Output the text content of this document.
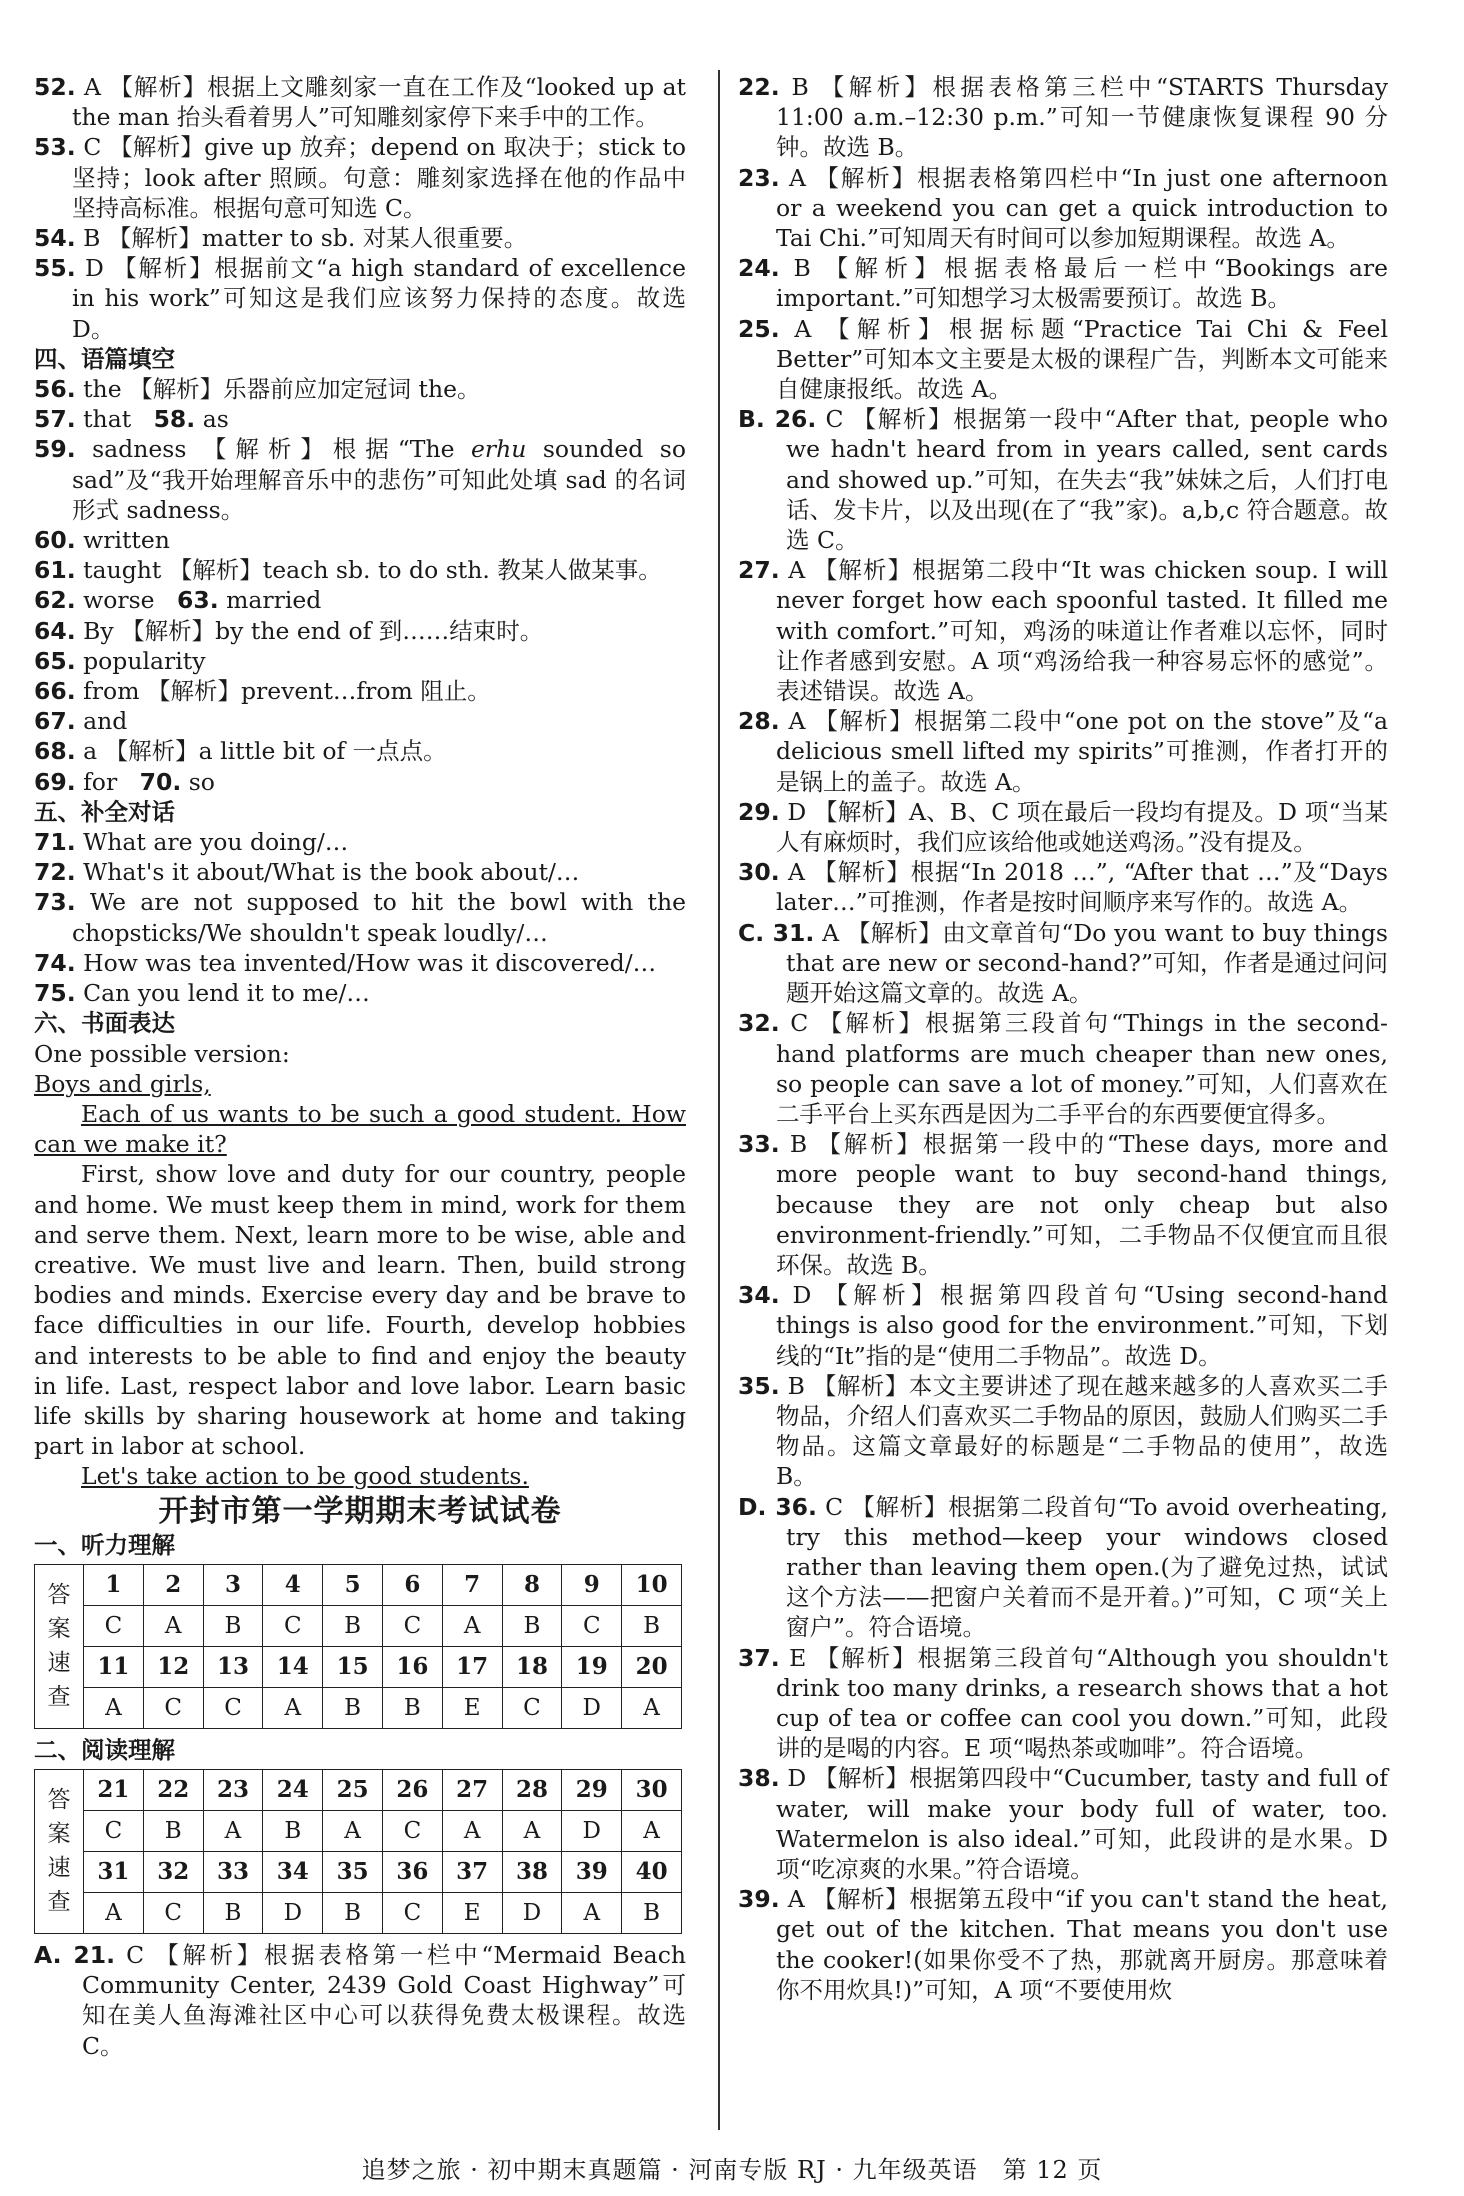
52. A 【解析】根据上文雕刻家一直在工作及“looked up at the man 抬头看着男人”可知雕刻家停下来手中的工作。

53. C 【解析】give up 放弃；depend on 取决于；stick to 坚持；look after 照顾。句意：雕刻家选择在他的作品中坚持高标准。根据句意可知选 C。

54. B 【解析】matter to sb. 对某人很重要。

55. D 【解析】根据前文“a high standard of excellence in his work”可知这是我们应该努力保持的态度。故选 D。

四、语篇填空

56. the 【解析】乐器前应加定冠词 the。

57. that   58. as

59. sadness 【解析】根据“The erhu sounded so sad”及“我开始理解音乐中的悲伤”可知此处填 sad 的名词形式 sadness。

60. written

61. taught 【解析】teach sb. to do sth. 教某人做某事。

62. worse   63. married

64. By 【解析】by the end of 到……结束时。

65. popularity

66. from 【解析】prevent…from 阻止。

67. and

68. a 【解析】a little bit of 一点点。

69. for   70. so

五、补全对话

71. What are you doing/…

72. What's it about/What is the book about/…

73. We are not supposed to hit the bowl with the chopsticks/We shouldn't speak loudly/…

74. How was tea invented/How was it discovered/…

75. Can you lend it to me/…

六、书面表达

One possible version:

Boys and girls,

Each of us wants to be such a good student. How can we make it?

First, show love and duty for our country, people and home. We must keep them in mind, work for them and serve them. Next, learn more to be wise, able and creative. We must live and learn. Then, build strong bodies and minds. Exercise every day and be brave to face difficulties in our life. Fourth, develop hobbies and interests to be able to find and enjoy the beauty in life. Last, respect labor and love labor. Learn basic life skills by sharing housework at home and taking part in labor at school.

Let's take action to be good students.

开封市第一学期期末考试试卷

一、听力理解

答
案
速
查	1	2	3	4	5	6	7	8	9	10
	C	A	B	C	B	C	A	B	C	B
	11	12	13	14	15	16	17	18	19	20
	A	C	C	A	B	B	E	C	D	A

二、阅读理解

答
案
速
查	21	22	23	24	25	26	27	28	29	30
	C	B	A	B	A	C	A	A	D	A
	31	32	33	34	35	36	37	38	39	40
	A	C	B	D	B	C	E	D	A	B

A. 21. C 【解析】根据表格第一栏中“Mermaid Beach Community Center, 2439 Gold Coast Highway”可知在美人鱼海滩社区中心可以获得免费太极课程。故选 C。

22. B 【解析】根据表格第三栏中“STARTS Thursday 11:00 a.m.–12:30 p.m.”可知一节健康恢复课程 90 分钟。故选 B。

23. A 【解析】根据表格第四栏中“In just one afternoon or a weekend you can get a quick introduction to Tai Chi.”可知周天有时间可以参加短期课程。故选 A。

24. B 【解析】根据表格最后一栏中“Bookings are important.”可知想学习太极需要预订。故选 B。

25. A 【解析】根据标题“Practice Tai Chi & Feel Better”可知本文主要是太极的课程广告，判断本文可能来自健康报纸。故选 A。

B. 26. C 【解析】根据第一段中“After that, people who we hadn't heard from in years called, sent cards and showed up.”可知，在失去“我”妹妹之后，人们打电话、发卡片，以及出现(在了“我”家)。a,b,c 符合题意。故选 C。

27. A 【解析】根据第二段中“It was chicken soup. I will never forget how each spoonful tasted. It filled me with comfort.”可知，鸡汤的味道让作者难以忘怀，同时让作者感到安慰。A 项“鸡汤给我一种容易忘怀的感觉”。表述错误。故选 A。

28. A 【解析】根据第二段中“one pot on the stove”及“a delicious smell lifted my spirits”可推测，作者打开的是锅上的盖子。故选 A。

29. D 【解析】A、B、C 项在最后一段均有提及。D 项“当某人有麻烦时，我们应该给他或她送鸡汤。”没有提及。

30. A 【解析】根据“In 2018 …”, “After that …”及“Days later…”可推测，作者是按时间顺序来写作的。故选 A。

C. 31. A 【解析】由文章首句“Do you want to buy things that are new or second-hand?”可知，作者是通过问问题开始这篇文章的。故选 A。

32. C 【解析】根据第三段首句“Things in the second-hand platforms are much cheaper than new ones, so people can save a lot of money.”可知，人们喜欢在二手平台上买东西是因为二手平台的东西要便宜得多。

33. B 【解析】根据第一段中的“These days, more and more people want to buy second-hand things, because they are not only cheap but also environment-friendly.”可知，二手物品不仅便宜而且很环保。故选 B。

34. D 【解析】根据第四段首句“Using second-hand things is also good for the environment.”可知，下划线的“It”指的是“使用二手物品”。故选 D。

35. B 【解析】本文主要讲述了现在越来越多的人喜欢买二手物品，介绍人们喜欢买二手物品的原因，鼓励人们购买二手物品。这篇文章最好的标题是“二手物品的使用”，故选 B。

D. 36. C 【解析】根据第二段首句“To avoid overheating, try this method—keep your windows closed rather than leaving them open.(为了避免过热，试试这个方法——把窗户关着而不是开着。)”可知，C 项“关上窗户”。符合语境。

37. E 【解析】根据第三段首句“Although you shouldn't drink too many drinks, a research shows that a hot cup of tea or coffee can cool you down.”可知，此段讲的是喝的内容。E 项“喝热茶或咖啡”。符合语境。

38. D 【解析】根据第四段中“Cucumber, tasty and full of water, will make your body full of water, too. Watermelon is also ideal.”可知，此段讲的是水果。D 项“吃凉爽的水果。”符合语境。

39. A 【解析】根据第五段中“if you can't stand the heat, get out of the kitchen. That means you don't use the cooker!(如果你受不了热，那就离开厨房。那意味着你不用炊具!)”可知，A 项“不要使用炊

追梦之旅 · 初中期末真题篇 · 河南专版 RJ · 九年级英语　第 12 页
